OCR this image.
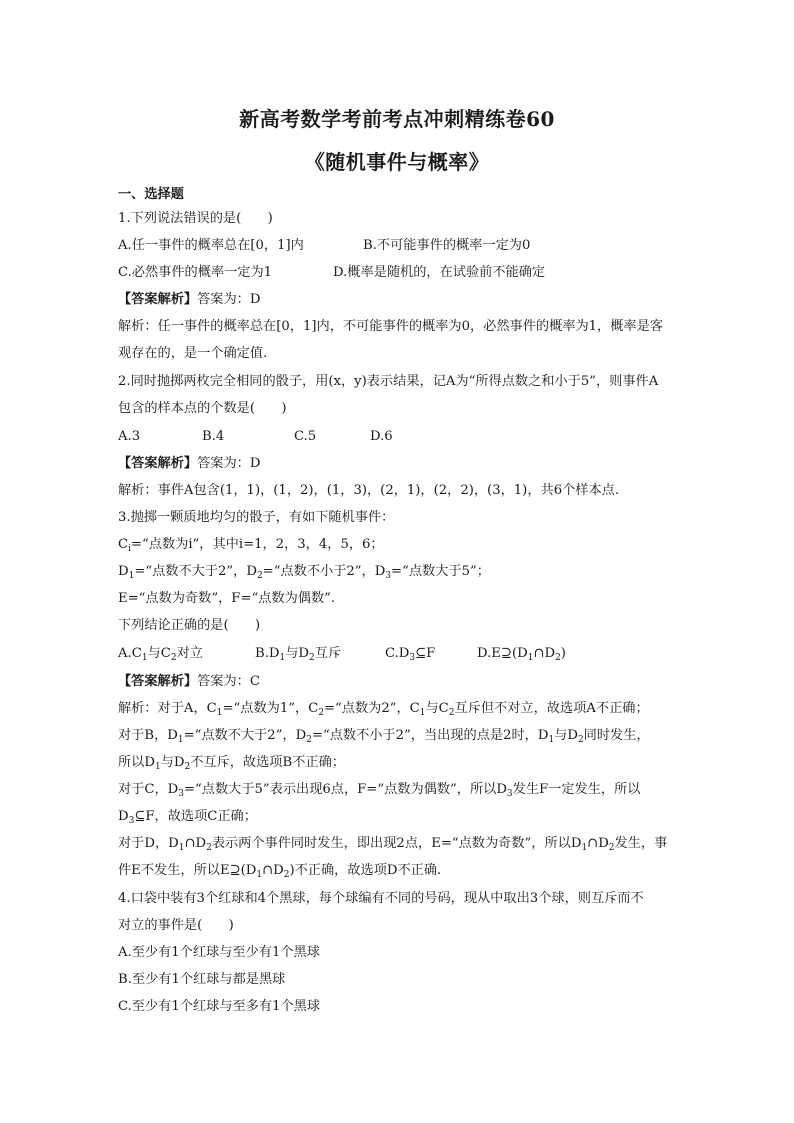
新高考数学考前考点冲刺精练卷60
《随机事件与概率》
一、选择题
1.下列说法错误的是(　　)
A.任一事件的概率总在[0，1]内	B.不可能事件的概率一定为0
C.必然事件的概率一定为1	D.概率是随机的，在试验前不能确定
【答案解析】答案为：D
解析：任一事件的概率总在[0，1]内，不可能事件的概率为0，必然事件的概率为1，概率是客
观存在的，是一个确定值.
2.同时抛掷两枚完全相同的骰子，用(x，y)表示结果，记A为“所得点数之和小于5”，则事件A
包含的样本点的个数是(　　)
A.3	B.4	C.5	D.6
【答案解析】答案为：D
解析：事件A包含(1，1)，(1，2)，(1，3)，(2，1)，(2，2)，(3，1)，共6个样本点.
3.抛掷一颗质地均匀的骰子，有如下随机事件：
$C_i=“$点数为i”，其中i=1，2，3，4，5，6；
$D_1=“$点数不大于2”，$D_2=“$点数不小于2”，$D_3=“$点数大于5”；
E=“点数为奇数”，F=“点数为偶数”.
下列结论正确的是(　　)
$A.C_1$与$C_2$对立	$B.D_1$与$D_2$互斥	$C.D_3⊆F$	$D.E⊇(D_1\cap D_2)$
【答案解析】答案为：C
解析：对于A，$C_1=“$点数为1”，$C_2=“$点数为2”，$C_1$与$C_2$互斥但不对立，故选项A不正确；
对于B，$D_1=“$点数不大于2”，$D_2=“$点数不小于2”，当出现的点是2时，$D_1$与$D_2$同时发生，
所以$D_1$与$D_2$不互斥，故选项B不正确；
对于C，$D_3=“$点数大于5”表示出现6点，F=“点数为偶数”，所以$D_3$发生F一定发生，所以
$D_3⊆F$，故选项C正确；
对于D，$D_1\cap D_2$表示两个事件同时发生，即出现2点，E=“点数为奇数”，所以$D_1\cap D_2$发生，事
件E不发生，所以$E⊇(D_1\cap D_2)$不正确，故选项D不正确.
4.口袋中装有3个红球和4个黑球，每个球编有不同的号码，现从中取出3个球，则互斥而不
对立的事件是(　　)
A.至少有1个红球与至少有1个黑球
B.至少有1个红球与都是黑球
C.至少有1个红球与至多有1个黑球
